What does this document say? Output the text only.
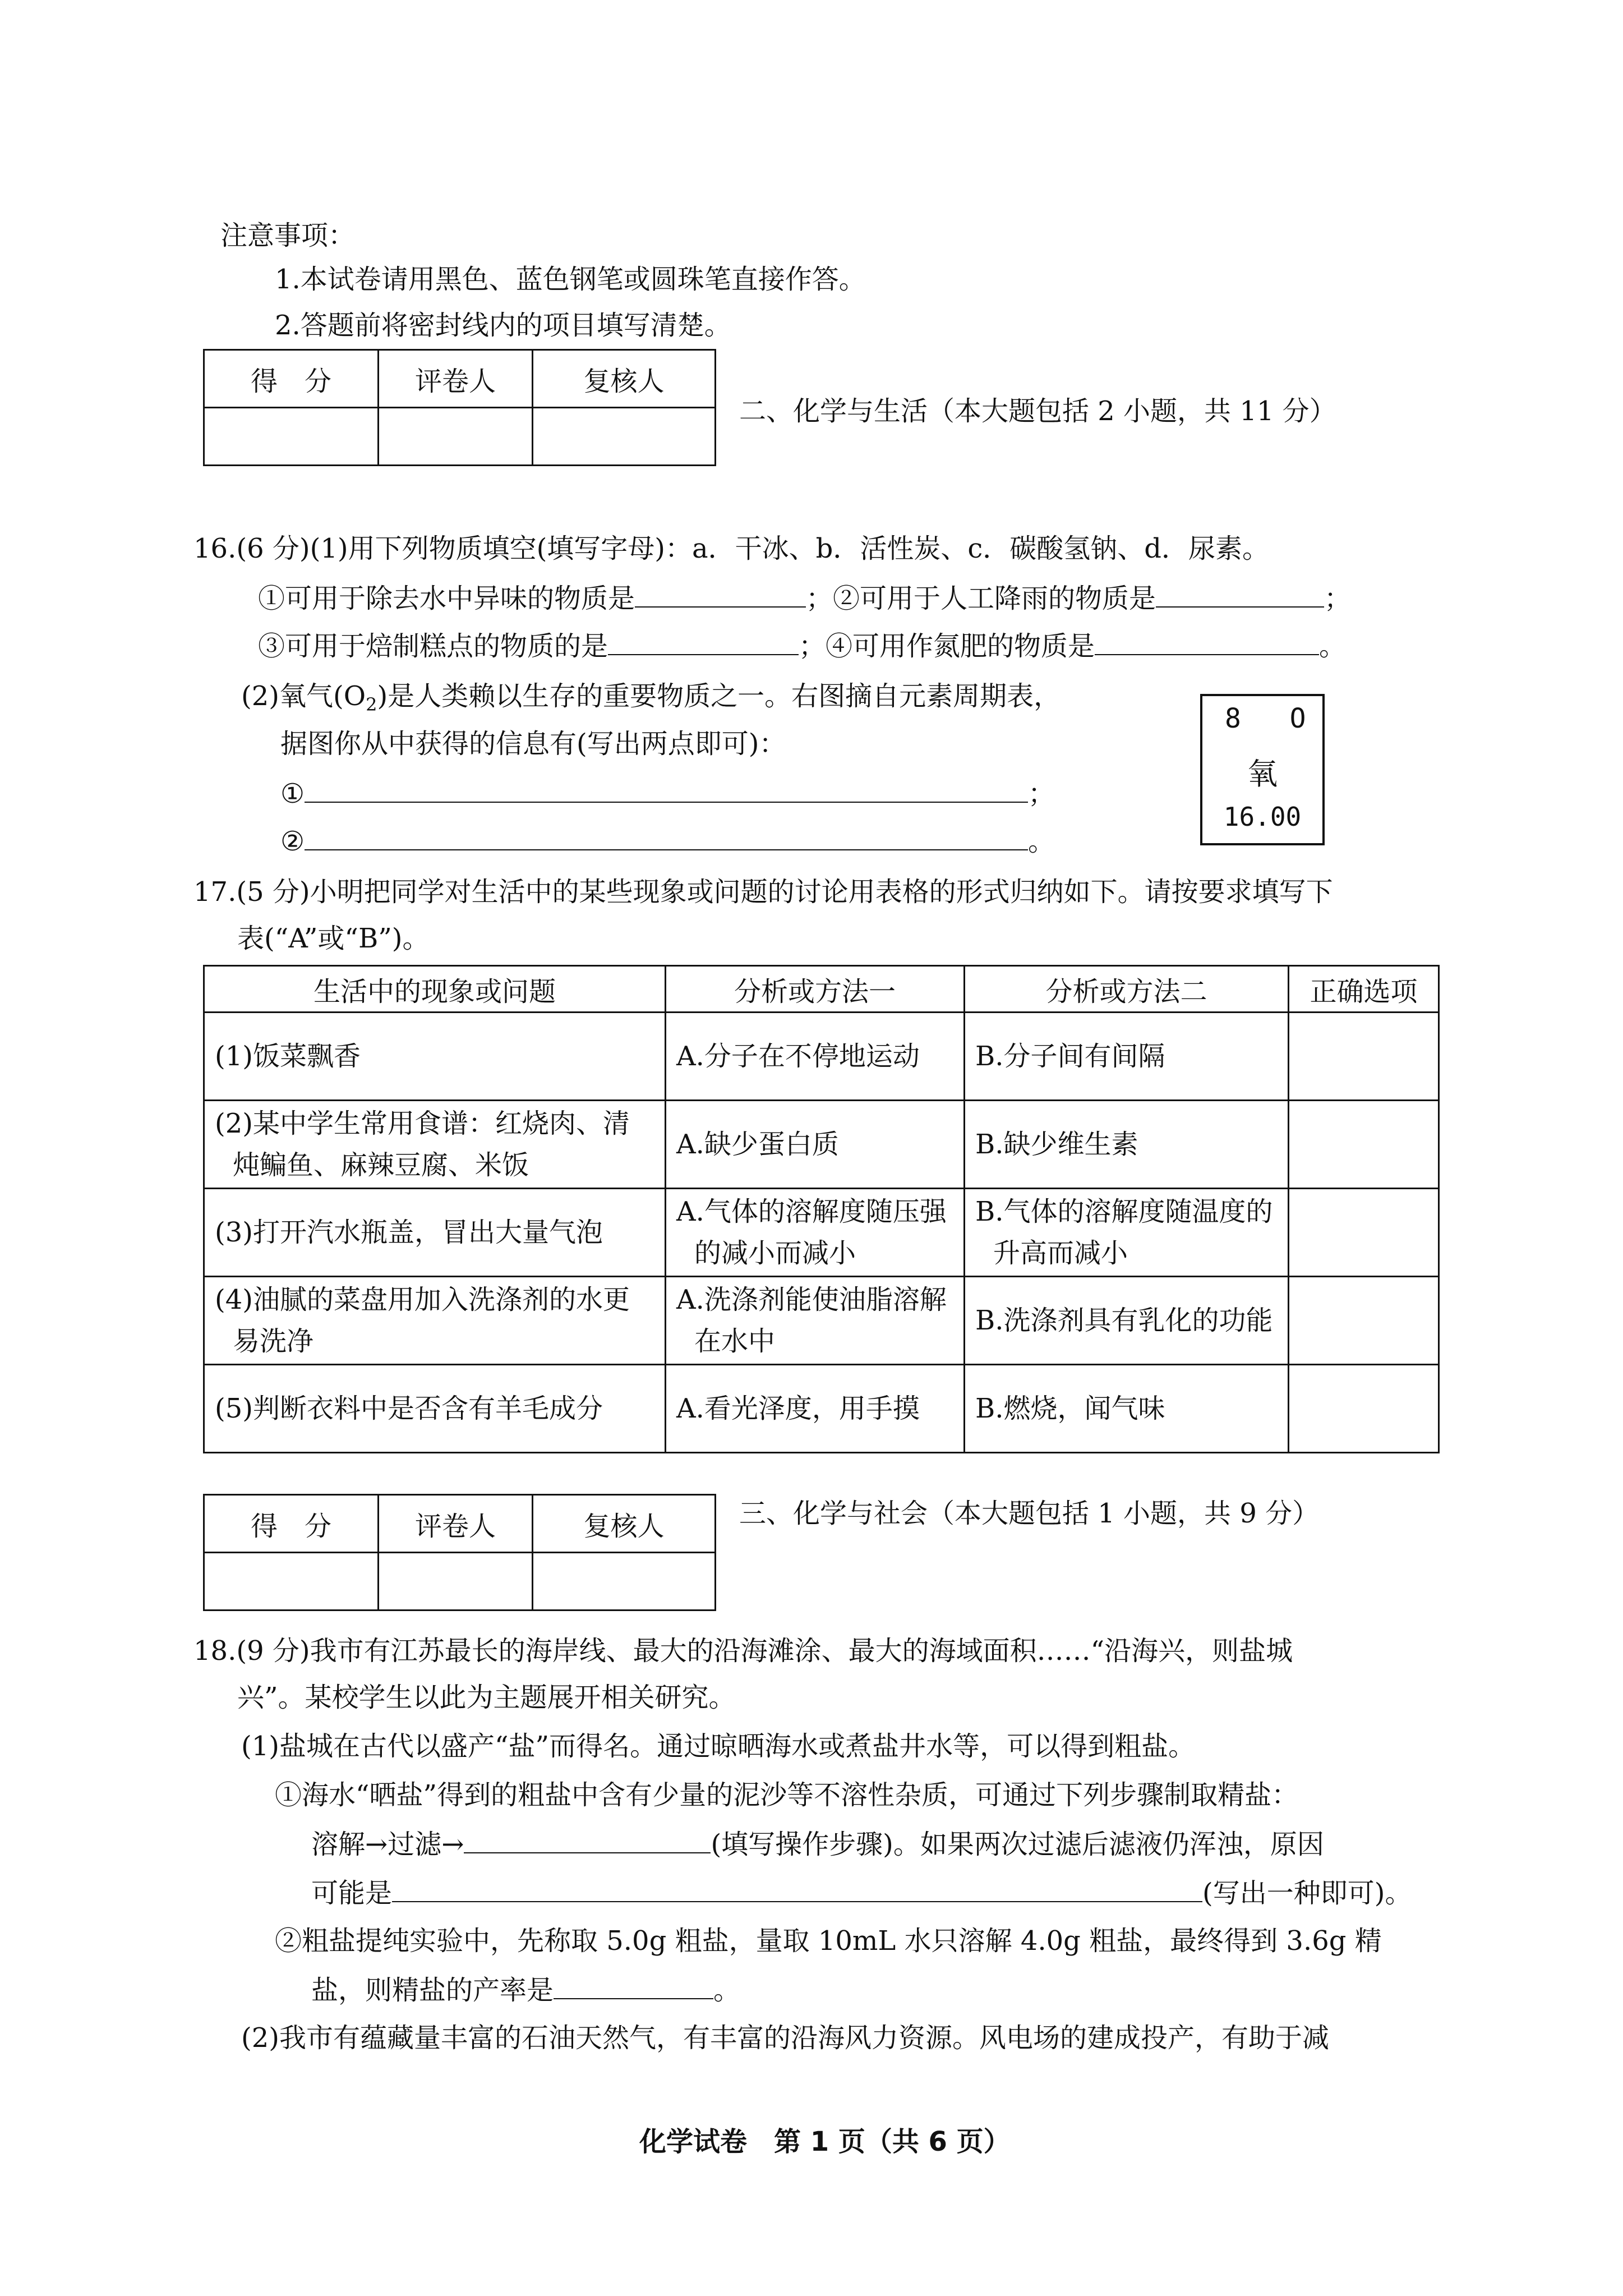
注意事项：
1.本试卷请用黑色、蓝色钢笔或圆珠笔直接作答。
2.答题前将密封线内的项目填写清楚。
得　分	评卷人	复核人

二、化学与生活（本大题包括 2 小题，共 11 分）
16.(6 分)(1)用下列物质填空(填写字母)：a．干冰、b．活性炭、c．碳酸氢钠、d．尿素。
①可用于除去水中异味的物质是	；②可用于人工降雨的物质是	；
③可用于焙制糕点的物质的是	；④可用作氮肥的物质是	。
(2)氧气$(O_2)$是人类赖以生存的重要物质之一。右图摘自元素周期表，
据图你从中获得的信息有(写出两点即可)：
①	；
②	。
8 O
氧
16.00
17.(5 分)小明把同学对生活中的某些现象或问题的讨论用表格的形式归纳如下。请按要求填写下
表(“A”或“B”)。
生活中的现象或问题	分析或方法一	分析或方法二	正确选项
(1)饭菜飘香	A.分子在不停地运动	B.分子间有间隔	
(2)某中学生常用食谱：红烧肉、清炖鳊鱼、麻辣豆腐、米饭	A.缺少蛋白质	B.缺少维生素	
(3)打开汽水瓶盖，冒出大量气泡	A.气体的溶解度随压强的减小而减小	B.气体的溶解度随温度的升高而减小	
(4)油腻的菜盘用加入洗涤剂的水更易洗净	A.洗涤剂能使油脂溶解在水中	B.洗涤剂具有乳化的功能	
(5)判断衣料中是否含有羊毛成分	A.看光泽度，用手摸	B.燃烧，闻气味	
得　分	评卷人	复核人
			三、化学与社会（本大题包括 1 小题，共 9 分）
18.(9 分)我市有江苏最长的海岸线、最大的沿海滩涂、最大的海域面积……“沿海兴，则盐城
兴”。某校学生以此为主题展开相关研究。
(1)盐城在古代以盛产“盐”而得名。通过晾晒海水或煮盐井水等，可以得到粗盐。
①海水“晒盐”得到的粗盐中含有少量的泥沙等不溶性杂质，可通过下列步骤制取精盐：
溶解→过滤→	(填写操作步骤)。如果两次过滤后滤液仍浑浊，原因
可能是	(写出一种即可)。
②粗盐提纯实验中，先称取 5.0g 粗盐，量取 10mL 水只溶解 4.0g 粗盐，最终得到 3.6g 精
盐，则精盐的产率是	。
(2)我市有蕴藏量丰富的石油天然气，有丰富的沿海风力资源。风电场的建成投产，有助于减
化学试卷　第 1 页（共 6 页）
